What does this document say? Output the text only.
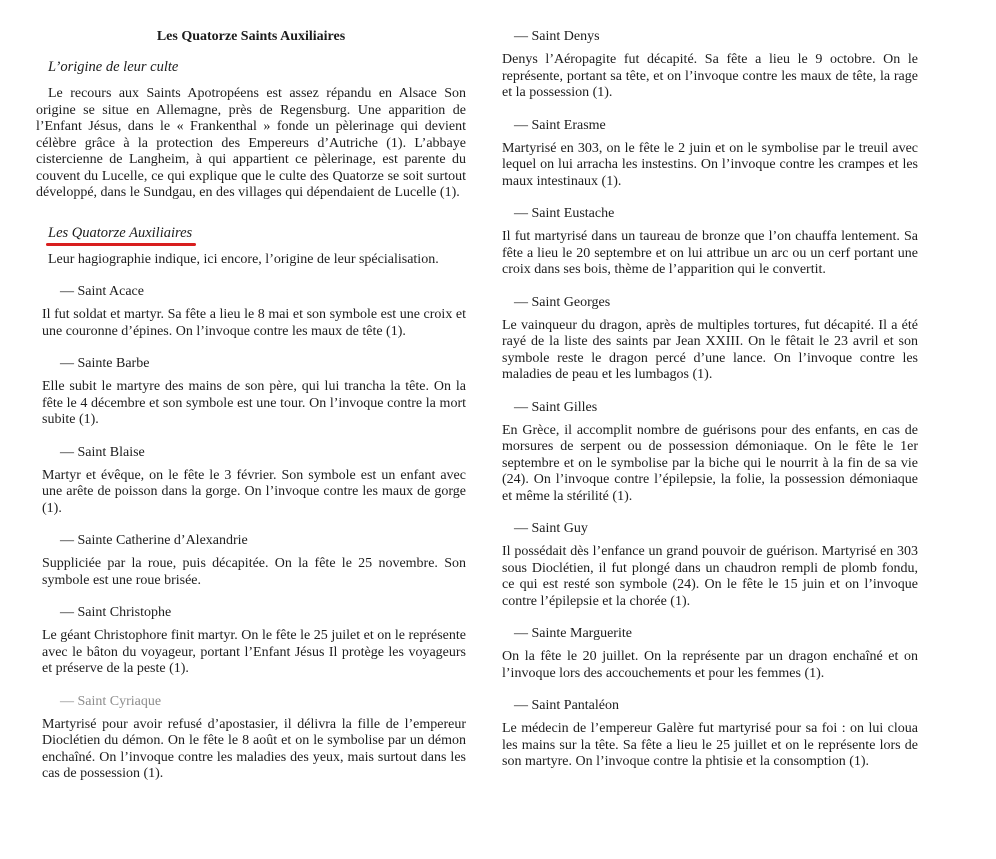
Les Quatorze Saints Auxiliaires
L’origine de leur culte

Le recours aux Saints Apotropéens est assez répandu en Alsace Son origine se situe en Allemagne, près de Regensburg. Une apparition de l’Enfant Jésus, dans le « Frankenthal » fonde un pèlerinage qui devient célèbre grâce à la protection des Empereurs d’Autriche (1). L’abbaye cistercienne de Langheim, à qui appartient ce pèlerinage, est parente du couvent du Lucelle, ce qui explique que le culte des Quatorze se soit surtout développé, dans le Sundgau, en des villages qui dépendaient de Lucelle (1).

Les Quatorze Auxiliaires

Leur hagiographie indique, ici encore, l’origine de leur spécialisation.

— Saint Acace

Il fut soldat et martyr. Sa fête a lieu le 8 mai et son symbole est une croix et une couronne d’épines. On l’invoque contre les maux de tête (1).

— Sainte Barbe

Elle subit le martyre des mains de son père, qui lui trancha la tête. On la fête le 4 décembre et son symbole est une tour. On l’invoque contre la mort subite (1).

— Saint Blaise

Martyr et évêque, on le fête le 3 février. Son symbole est un enfant avec une arête de poisson dans la gorge. On l’invoque contre les maux de gorge (1).

— Sainte Catherine d’Alexandrie

Suppliciée par la roue, puis décapitée. On la fête le 25 novembre. Son symbole est une roue brisée.

— Saint Christophe

Le géant Christophore finit martyr. On le fête le 25 juilet et on le représente avec le bâton du voyageur, portant l’Enfant Jésus Il protège les voyageurs et préserve de la peste (1).

— Saint Cyriaque

Martyrisé pour avoir refusé d’apostasier, il délivra la fille de l’empereur Dioclétien du démon. On le fête le 8 août et on le symbolise par un démon enchaîné. On l’invoque contre les maladies des yeux, mais surtout dans les cas de possession (1).

— Saint Denys

Denys l’Aéropagite fut décapité. Sa fête a lieu le 9 octobre. On le représente, portant sa tête, et on l’invoque contre les maux de tête, la rage et la possession (1).

— Saint Erasme

Martyrisé en 303, on le fête le 2 juin et on le symbolise par le treuil avec lequel on lui arracha les instestins. On l’invoque contre les crampes et les maux intestinaux (1).

— Saint Eustache

Il fut martyrisé dans un taureau de bronze que l’on chauffa lentement. Sa fête a lieu le 20 septembre et on lui attribue un arc ou un cerf portant une croix dans ses bois, thème de l’apparition qui le convertit.

— Saint Georges

Le vainqueur du dragon, après de multiples tortures, fut décapité. Il a été rayé de la liste des saints par Jean XXIII. On le fêtait le 23 avril et son symbole reste le dragon percé d’une lance. On l’invoque contre les maladies de peau et les lumbagos (1).

— Saint Gilles

En Grèce, il accomplit nombre de guérisons pour des enfants, en cas de morsures de serpent ou de possession démoniaque. On le fête le 1er septembre et on le symbolise par la biche qui le nourrit à la fin de sa vie (24). On l’invoque contre l’épilepsie, la folie, la possession démoniaque et même la stérilité (1).

— Saint Guy

Il possédait dès l’enfance un grand pouvoir de guérison. Martyrisé en 303 sous Dioclétien, il fut plongé dans un chaudron rempli de plomb fondu, ce qui est resté son symbole (24). On le fête le 15 juin et on l’invoque contre l’épilepsie et la chorée (1).

— Sainte Marguerite

On la fête le 20 juillet. On la représente par un dragon enchaîné et on l’invoque lors des accouchements et pour les femmes (1).

— Saint Pantaléon

Le médecin de l’empereur Galère fut martyrisé pour sa foi : on lui cloua les mains sur la tête. Sa fête a lieu le 25 juillet et on le représente lors de son martyre. On l’invoque contre la phtisie et la consomption (1).
